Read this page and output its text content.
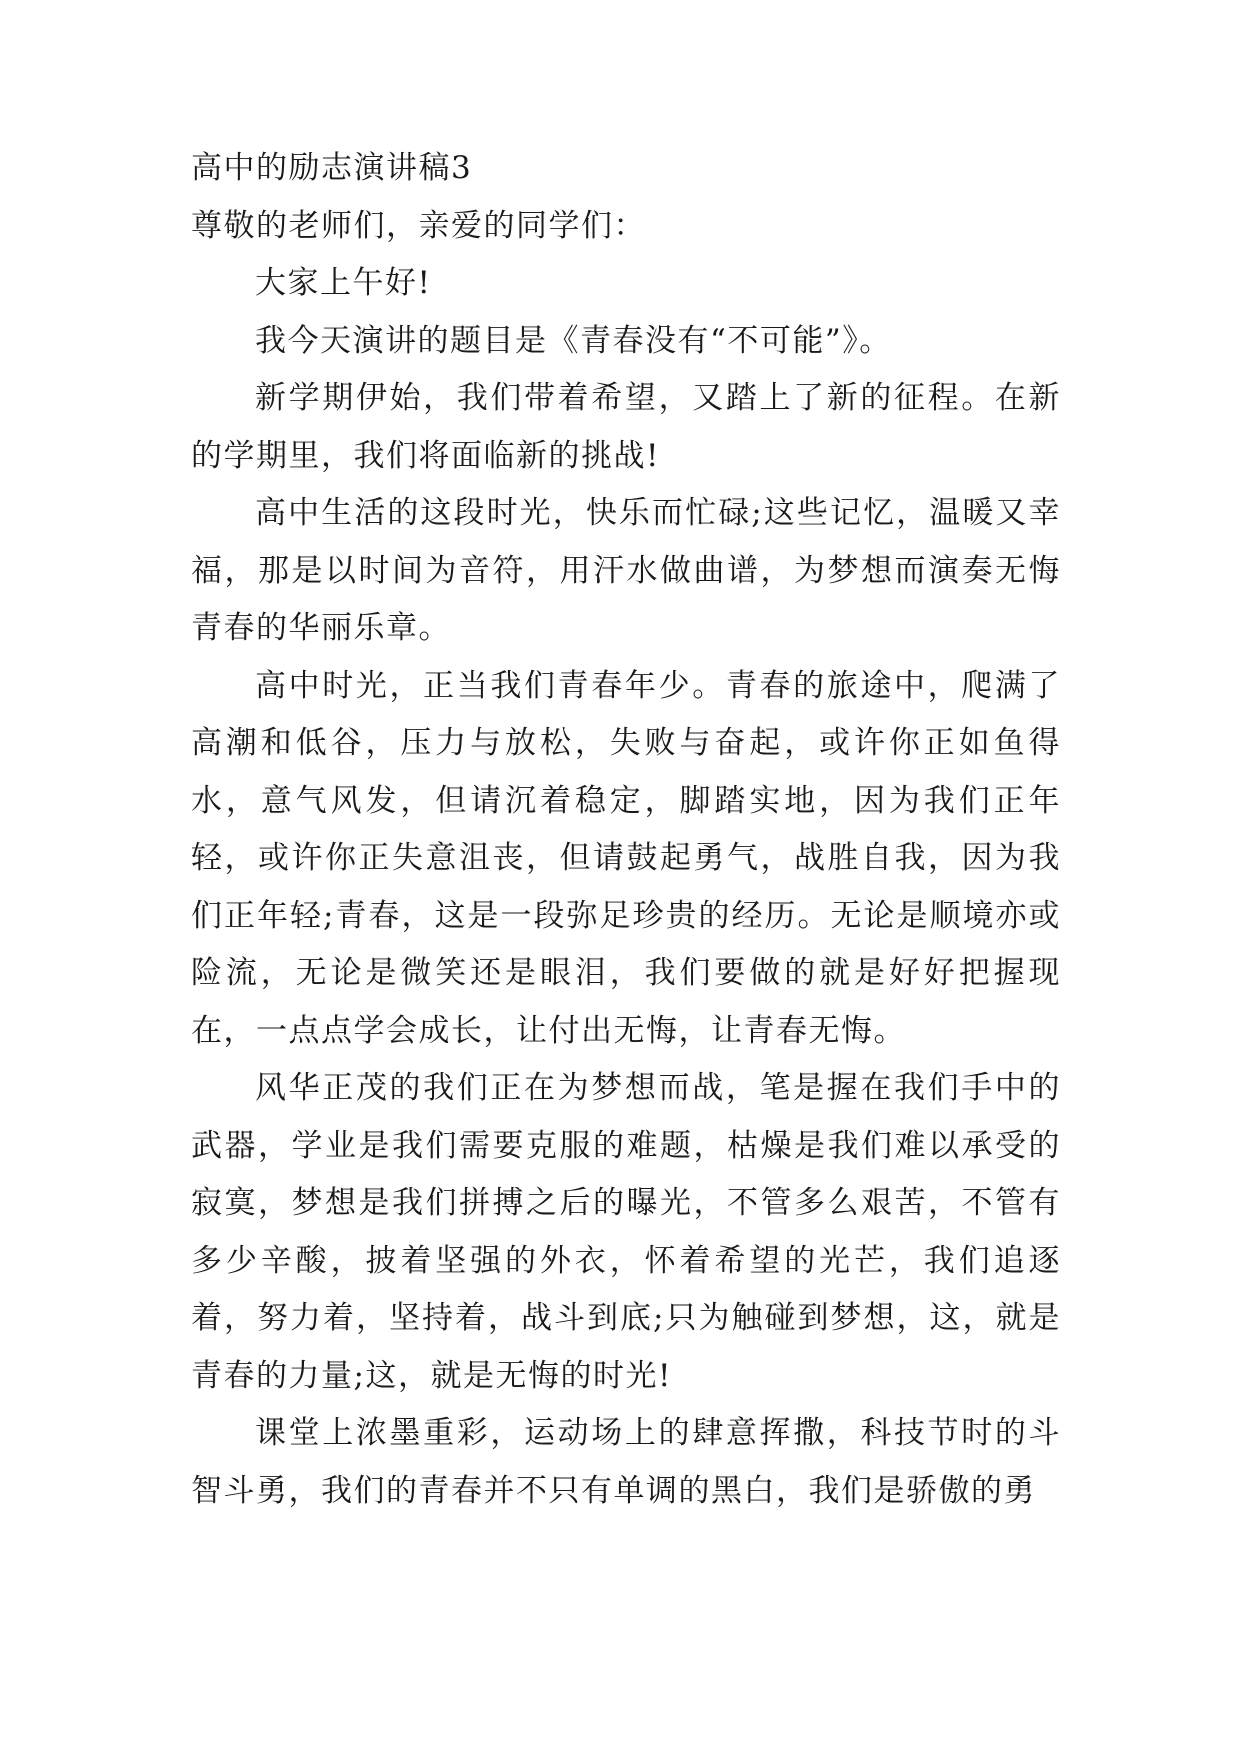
高中的励志演讲稿3

尊敬的老师们，亲爱的同学们：

大家上午好!

我今天演讲的题目是《青春没有“不可能”》。

新学期伊始，我们带着希望，又踏上了新的征程。在新的学期里，我们将面临新的挑战!

高中生活的这段时光，快乐而忙碌;这些记忆，温暖又幸福，那是以时间为音符，用汗水做曲谱，为梦想而演奏无悔青春的华丽乐章。

高中时光，正当我们青春年少。青春的旅途中，爬满了高潮和低谷，压力与放松，失败与奋起，或许你正如鱼得水，意气风发，但请沉着稳定，脚踏实地，因为我们正年轻，或许你正失意沮丧，但请鼓起勇气，战胜自我，因为我们正年轻;青春，这是一段弥足珍贵的经历。无论是顺境亦或险流，无论是微笑还是眼泪，我们要做的就是好好把握现在，一点点学会成长，让付出无悔，让青春无悔。

风华正茂的我们正在为梦想而战，笔是握在我们手中的武器，学业是我们需要克服的难题，枯燥是我们难以承受的寂寞，梦想是我们拼搏之后的曝光，不管多么艰苦，不管有多少辛酸，披着坚强的外衣，怀着希望的光芒，我们追逐着，努力着，坚持着，战斗到底;只为触碰到梦想，这，就是青春的力量;这，就是无悔的时光!

课堂上浓墨重彩，运动场上的肆意挥撒，科技节时的斗智斗勇，我们的青春并不只有单调的黑白，我们是骄傲的勇
